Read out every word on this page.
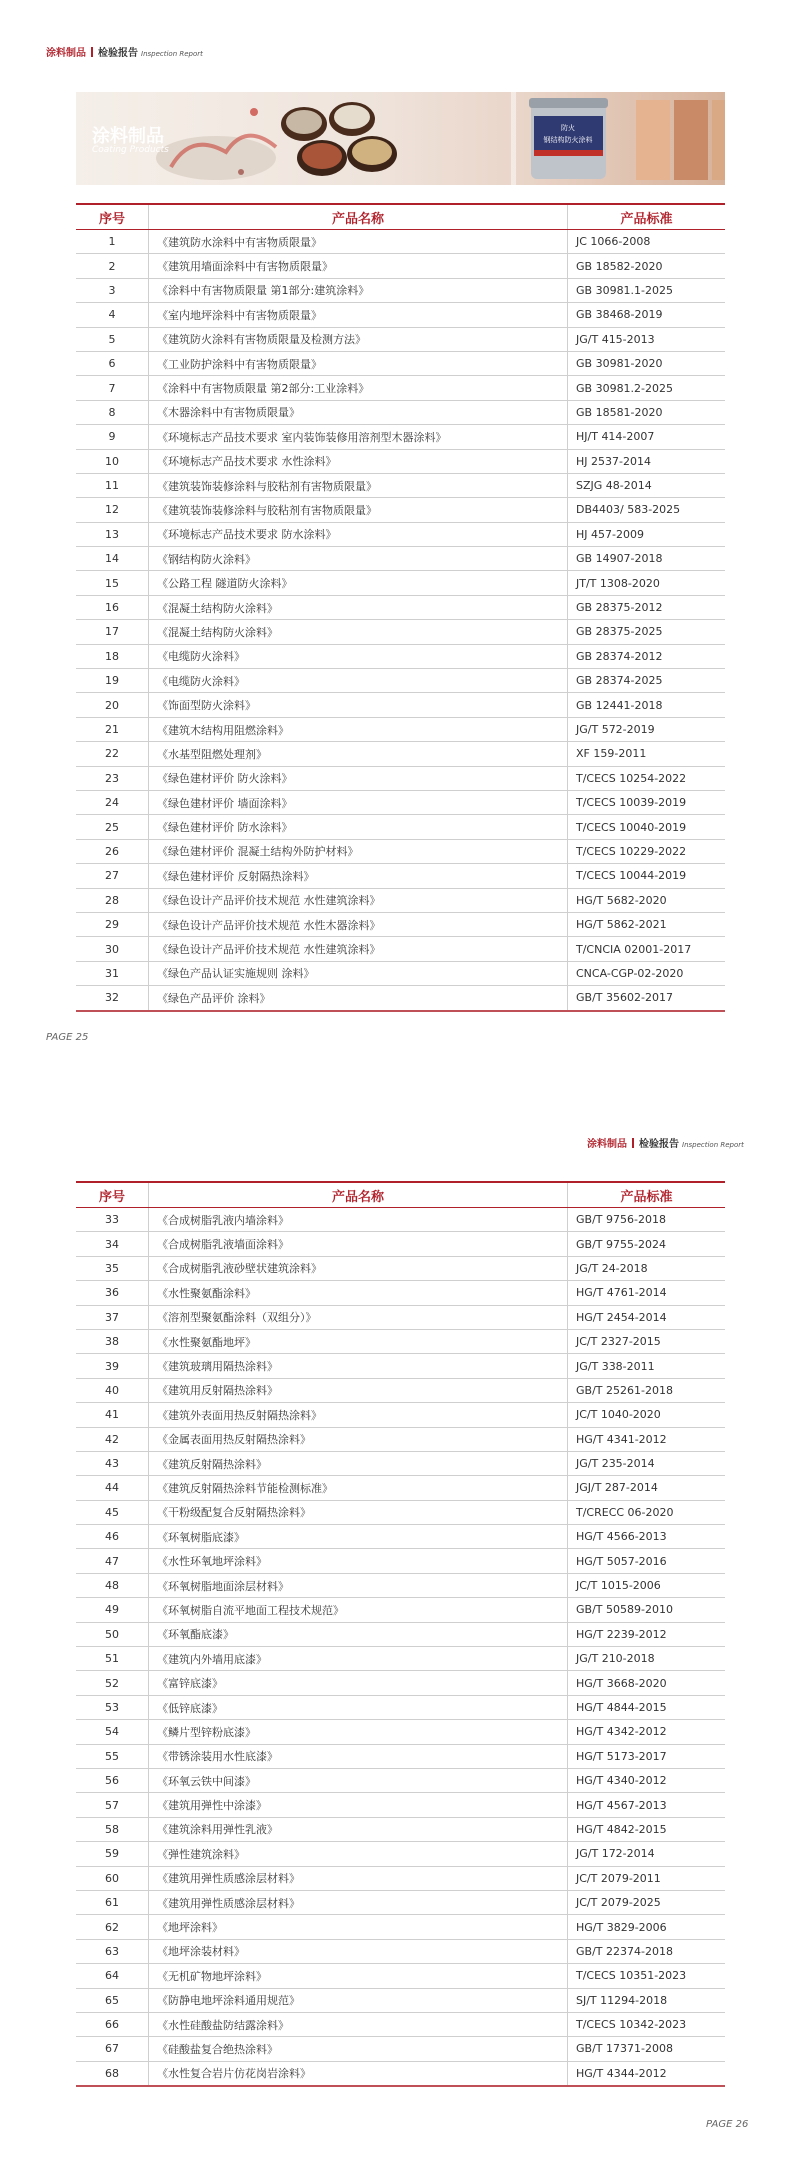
涂料制品 检验报告 Inspection Report
防火
钢结构防火涂料
涂料制品
Coating Products
序号	产品名称	产品标准
1	《建筑防水涂料中有害物质限量》	JC 1066-2008
2	《建筑用墙面涂料中有害物质限量》	GB 18582-2020
3	《涂料中有害物质限量 第1部分:建筑涂料》	GB 30981.1-2025
4	《室内地坪涂料中有害物质限量》	GB 38468-2019
5	《建筑防火涂料有害物质限量及检测方法》	JG/T 415-2013
6	《工业防护涂料中有害物质限量》	GB 30981-2020
7	《涂料中有害物质限量 第2部分:工业涂料》	GB 30981.2-2025
8	《木器涂料中有害物质限量》	GB 18581-2020
9	《环境标志产品技术要求 室内装饰装修用溶剂型木器涂料》	HJ/T 414-2007
10	《环境标志产品技术要求 水性涂料》	HJ 2537-2014
11	《建筑装饰装修涂料与胶粘剂有害物质限量》	SZJG 48-2014
12	《建筑装饰装修涂料与胶粘剂有害物质限量》	DB4403/ 583-2025
13	《环境标志产品技术要求 防水涂料》	HJ 457-2009
14	《钢结构防火涂料》	GB 14907-2018
15	《公路工程 隧道防火涂料》	JT/T 1308-2020
16	《混凝土结构防火涂料》	GB 28375-2012
17	《混凝土结构防火涂料》	GB 28375-2025
18	《电缆防火涂料》	GB 28374-2012
19	《电缆防火涂料》	GB 28374-2025
20	《饰面型防火涂料》	GB 12441-2018
21	《建筑木结构用阻燃涂料》	JG/T 572-2019
22	《水基型阻燃处理剂》	XF 159-2011
23	《绿色建材评价 防火涂料》	T/CECS 10254-2022
24	《绿色建材评价 墙面涂料》	T/CECS 10039-2019
25	《绿色建材评价 防水涂料》	T/CECS 10040-2019
26	《绿色建材评价 混凝土结构外防护材料》	T/CECS 10229-2022
27	《绿色建材评价 反射隔热涂料》	T/CECS 10044-2019
28	《绿色设计产品评价技术规范 水性建筑涂料》	HG/T 5682-2020
29	《绿色设计产品评价技术规范 水性木器涂料》	HG/T 5862-2021
30	《绿色设计产品评价技术规范 水性建筑涂料》	T/CNCIA 02001-2017
31	《绿色产品认证实施规则 涂料》	CNCA-CGP-02-2020
32	《绿色产品评价 涂料》	GB/T 35602-2017
PAGE 25
涂料制品 检验报告 Inspection Report
序号	产品名称	产品标准
33	《合成树脂乳液内墙涂料》	GB/T 9756-2018
34	《合成树脂乳液墙面涂料》	GB/T 9755-2024
35	《合成树脂乳液砂壁状建筑涂料》	JG/T 24-2018
36	《水性聚氨酯涂料》	HG/T 4761-2014
37	《溶剂型聚氨酯涂料（双组分）》	HG/T 2454-2014
38	《水性聚氨酯地坪》	JC/T 2327-2015
39	《建筑玻璃用隔热涂料》	JG/T 338-2011
40	《建筑用反射隔热涂料》	GB/T 25261-2018
41	《建筑外表面用热反射隔热涂料》	JC/T 1040-2020
42	《金属表面用热反射隔热涂料》	HG/T 4341-2012
43	《建筑反射隔热涂料》	JG/T 235-2014
44	《建筑反射隔热涂料节能检测标准》	JGJ/T 287-2014
45	《干粉级配复合反射隔热涂料》	T/CRECC 06-2020
46	《环氧树脂底漆》	HG/T 4566-2013
47	《水性环氧地坪涂料》	HG/T 5057-2016
48	《环氧树脂地面涂层材料》	JC/T 1015-2006
49	《环氧树脂自流平地面工程技术规范》	GB/T 50589-2010
50	《环氧酯底漆》	HG/T 2239-2012
51	《建筑内外墙用底漆》	JG/T 210-2018
52	《富锌底漆》	HG/T 3668-2020
53	《低锌底漆》	HG/T 4844-2015
54	《鳞片型锌粉底漆》	HG/T 4342-2012
55	《带锈涂装用水性底漆》	HG/T 5173-2017
56	《环氧云铁中间漆》	HG/T 4340-2012
57	《建筑用弹性中涂漆》	HG/T 4567-2013
58	《建筑涂料用弹性乳液》	HG/T 4842-2015
59	《弹性建筑涂料》	JG/T 172-2014
60	《建筑用弹性质感涂层材料》	JC/T 2079-2011
61	《建筑用弹性质感涂层材料》	JC/T 2079-2025
62	《地坪涂料》	HG/T 3829-2006
63	《地坪涂装材料》	GB/T 22374-2018
64	《无机矿物地坪涂料》	T/CECS 10351-2023
65	《防静电地坪涂料通用规范》	SJ/T 11294-2018
66	《水性硅酸盐防结露涂料》	T/CECS 10342-2023
67	《硅酸盐复合绝热涂料》	GB/T 17371-2008
68	《水性复合岩片仿花岗岩涂料》	HG/T 4344-2012
PAGE 26
